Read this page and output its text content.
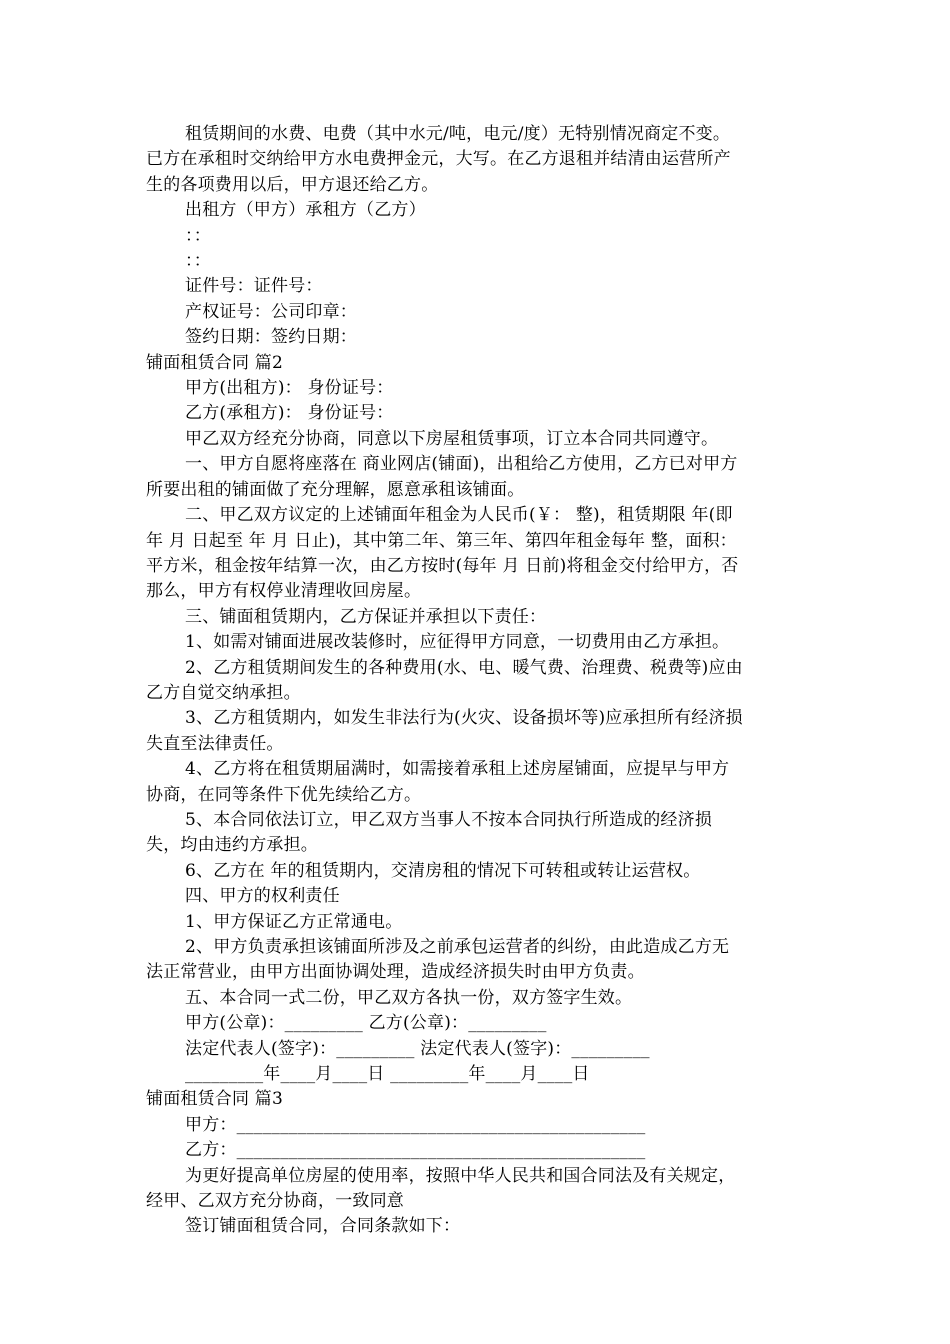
租赁期间的水费、电费（其中水元/吨，电元/度）无特别情况商定不变。
已方在承租时交纳给甲方水电费押金元，大写。在乙方退租并结清由运营所产
生的各项费用以后，甲方退还给乙方。
出租方（甲方）承租方（乙方）
：：
：：
证件号：证件号：
产权证号：公司印章：
签约日期：签约日期：
铺面租赁合同 篇2
甲方(出租方)： 身份证号：
乙方(承租方)： 身份证号：
甲乙双方经充分协商，同意以下房屋租赁事项，订立本合同共同遵守。
一、甲方自愿将座落在 商业网店(铺面)，出租给乙方使用，乙方已对甲方
所要出租的铺面做了充分理解，愿意承租该铺面。
二、甲乙双方议定的上述铺面年租金为人民币(￥： 整)，租赁期限 年(即
年 月 日起至 年 月 日止)，其中第二年、第三年、第四年租金每年 整，面积：
平方米，租金按年结算一次，由乙方按时(每年 月 日前)将租金交付给甲方，否
那么，甲方有权停业清理收回房屋。
三、铺面租赁期内，乙方保证并承担以下责任：
1、如需对铺面进展改装修时，应征得甲方同意，一切费用由乙方承担。
2、乙方租赁期间发生的各种费用(水、电、暖气费、治理费、税费等)应由
乙方自觉交纳承担。
3、乙方租赁期内，如发生非法行为(火灾、设备损坏等)应承担所有经济损
失直至法律责任。
4、乙方将在租赁期届满时，如需接着承租上述房屋铺面，应提早与甲方
协商，在同等条件下优先续给乙方。
5、本合同依法订立，甲乙双方当事人不按本合同执行所造成的经济损
失，均由违约方承担。
6、乙方在 年的租赁期内，交清房租的情况下可转租或转让运营权。
四、甲方的权利责任
1、甲方保证乙方正常通电。
2、甲方负责承担该铺面所涉及之前承包运营者的纠纷，由此造成乙方无
法正常营业，由甲方出面协调处理，造成经济损失时由甲方负责。
五、本合同一式二份，甲乙双方各执一份，双方签字生效。
甲方(公章)：_________ 乙方(公章)：_________
法定代表人(签字)：_________ 法定代表人(签字)：_________
_________年____月____日 _________年____月____日
铺面租赁合同 篇3
甲方：_______________________________________________
乙方：_______________________________________________
为更好提高单位房屋的使用率，按照中华人民共和国合同法及有关规定，
经甲、乙双方充分协商，一致同意
签订铺面租赁合同，合同条款如下：
